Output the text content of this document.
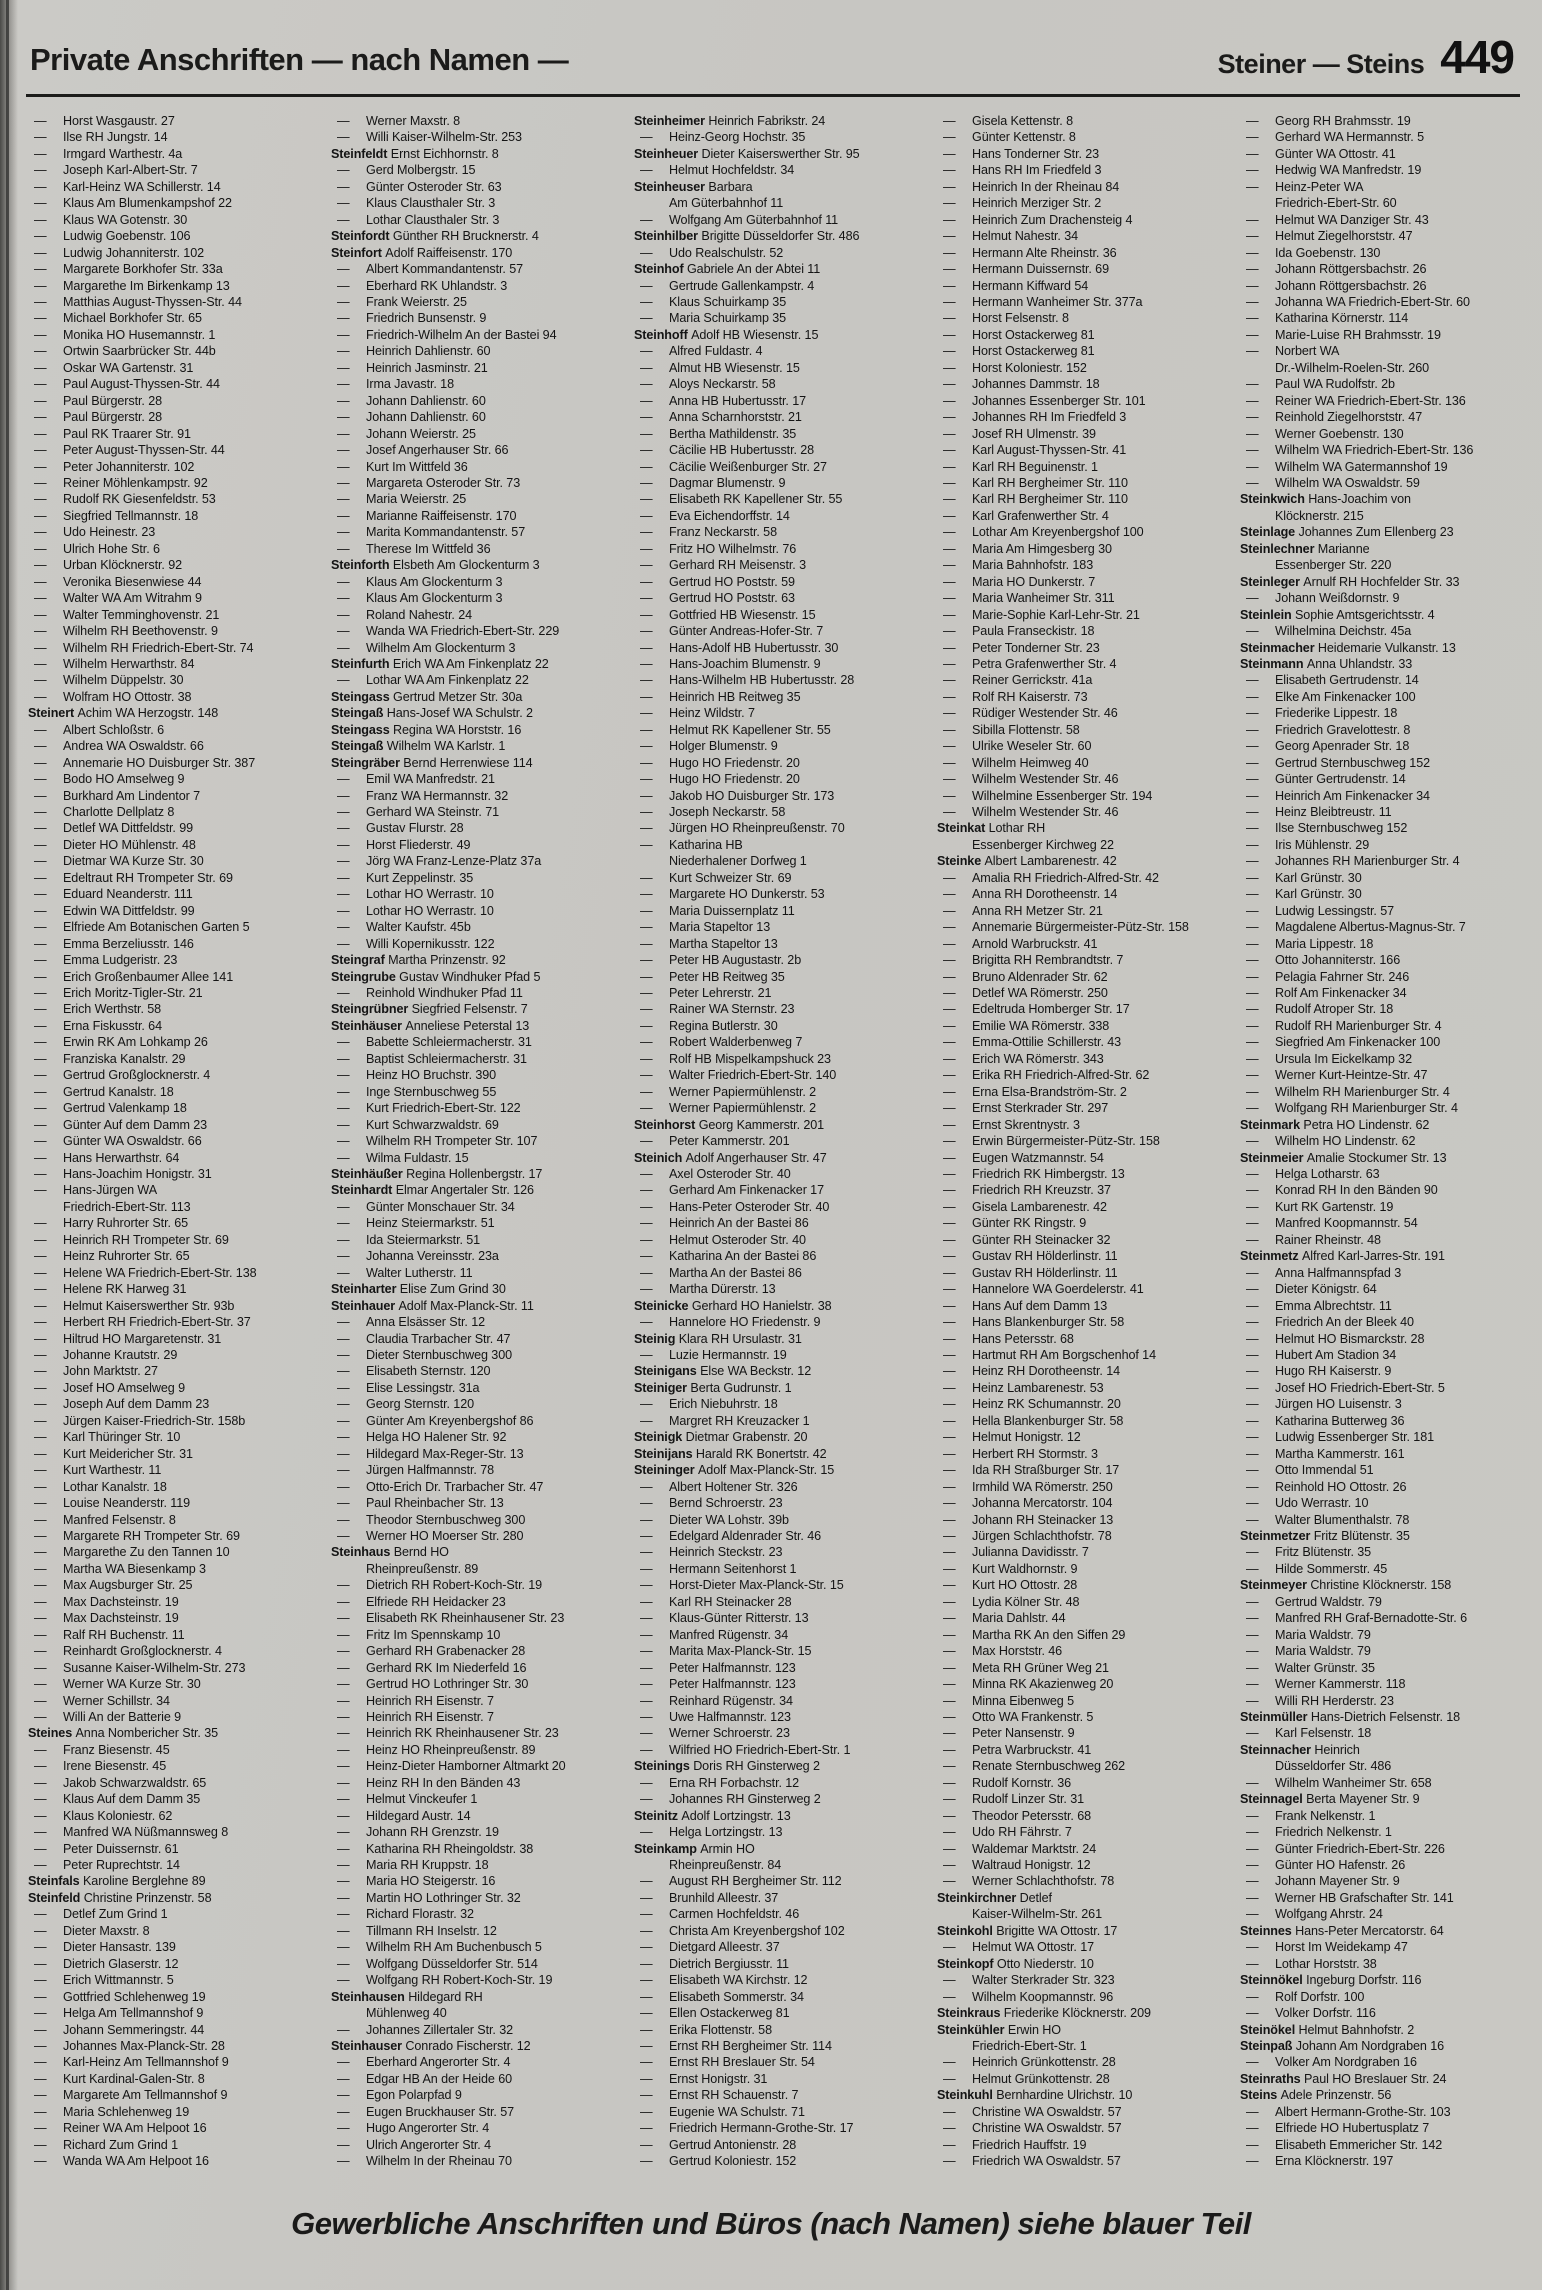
Private Anschriften — nach Namen —	Steiner — Steins 449
— Horst Wasgaustr. 27
— Ilse RH Jungstr. 14
— Irmgard Warthestr. 4a
— Joseph Karl-Albert-Str. 7
— Karl-Heinz WA Schillerstr. 14
— Klaus Am Blumenkampshof 22
— Klaus WA Gotenstr. 30
— Ludwig Goebenstr. 106
— Ludwig Johanniterstr. 102
— Margarete Borkhofer Str. 33a
— Margarethe Im Birkenkamp 13
— Matthias August-Thyssen-Str. 44
— Michael Borkhofer Str. 65
— Monika HO Husemannstr. 1
— Ortwin Saarbrücker Str. 44b
— Oskar WA Gartenstr. 31
— Paul August-Thyssen-Str. 44
— Paul Bürgerstr. 28
— Paul Bürgerstr. 28
— Paul RK Traarer Str. 91
— Peter August-Thyssen-Str. 44
— Peter Johanniterstr. 102
— Reiner Möhlenkampstr. 92
— Rudolf RK Giesenfeldstr. 53
— Siegfried Tellmannstr. 18
— Udo Heinestr. 23
— Ulrich Hohe Str. 6
— Urban Klöcknerstr. 92
— Veronika Biesenwiese 44
— Walter WA Am Witrahm 9
— Walter Temminghovenstr. 21
— Wilhelm RH Beethovenstr. 9
— Wilhelm RH Friedrich-Ebert-Str. 74
— Wilhelm Herwarthstr. 84
— Wilhelm Düppelstr. 30
— Wolfram HO Ottostr. 38
Steinert Achim WA Herzogstr. 148
— Albert Schloßstr. 6
— Andrea WA Oswaldstr. 66
— Annemarie HO Duisburger Str. 387
— Bodo HO Amselweg 9
— Burkhard Am Lindentor 7
— Charlotte Dellplatz 8
— Detlef WA Dittfeldstr. 99
— Dieter HO Mühlenstr. 48
— Dietmar WA Kurze Str. 30
— Edeltraut RH Trompeter Str. 69
— Eduard Neanderstr. 111
— Edwin WA Dittfeldstr. 99
— Elfriede Am Botanischen Garten 5
— Emma Berzeliusstr. 146
— Emma Ludgeristr. 23
— Erich Großenbaumer Allee 141
— Erich Moritz-Tigler-Str. 21
— Erich Werthstr. 58
— Erna Fiskusstr. 64
— Erwin RK Am Lohkamp 26
— Franziska Kanalstr. 29
— Gertrud Großglocknerstr. 4
— Gertrud Kanalstr. 18
— Gertrud Valenkamp 18
— Günter Auf dem Damm 23
— Günter WA Oswaldstr. 66
— Hans Herwarthstr. 64
— Hans-Joachim Honigstr. 31
— Hans-Jürgen WA
Friedrich-Ebert-Str. 113
— Harry Ruhrorter Str. 65
— Heinrich RH Trompeter Str. 69
— Heinz Ruhrorter Str. 65
— Helene WA Friedrich-Ebert-Str. 138
— Helene RK Harweg 31
— Helmut Kaiserswerther Str. 93b
— Herbert RH Friedrich-Ebert-Str. 37
— Hiltrud HO Margaretenstr. 31
— Johanne Krautstr. 29
— John Marktstr. 27
— Josef HO Amselweg 9
— Joseph Auf dem Damm 23
— Jürgen Kaiser-Friedrich-Str. 158b
— Karl Thüringer Str. 10
— Kurt Meidericher Str. 31
— Kurt Warthestr. 11
— Lothar Kanalstr. 18
— Louise Neanderstr. 119
— Manfred Felsenstr. 8
— Margarete RH Trompeter Str. 69
— Margarethe Zu den Tannen 10
— Martha WA Biesenkamp 3
— Max Augsburger Str. 25
— Max Dachsteinstr. 19
— Max Dachsteinstr. 19
— Ralf RH Buchenstr. 11
— Reinhardt Großglocknerstr. 4
— Susanne Kaiser-Wilhelm-Str. 273
— Werner WA Kurze Str. 30
— Werner Schillstr. 34
— Willi An der Batterie 9
Steines Anna Nombericher Str. 35
— Franz Biesenstr. 45
— Irene Biesenstr. 45
— Jakob Schwarzwaldstr. 65
— Klaus Auf dem Damm 35
— Klaus Koloniestr. 62
— Manfred WA Nüßmannsweg 8
— Peter Duissernstr. 61
— Peter Ruprechtstr. 14
Steinfals Karoline Berglehne 89
Steinfeld Christine Prinzenstr. 58
— Detlef Zum Grind 1
— Dieter Maxstr. 8
— Dieter Hansastr. 139
— Dietrich Glaserstr. 12
— Erich Wittmannstr. 5
— Gottfried Schlehenweg 19
— Helga Am Tellmannshof 9
— Johann Semmeringstr. 44
— Johannes Max-Planck-Str. 28
— Karl-Heinz Am Tellmannshof 9
— Kurt Kardinal-Galen-Str. 8
— Margarete Am Tellmannshof 9
— Maria Schlehenweg 19
— Reiner WA Am Helpoot 16
— Richard Zum Grind 1
— Wanda WA Am Helpoot 16
— Werner Maxstr. 8
— Willi Kaiser-Wilhelm-Str. 253
Steinfeldt Ernst Eichhornstr. 8
— Gerd Molbergstr. 15
— Günter Osteroder Str. 63
— Klaus Clausthaler Str. 3
— Lothar Clausthaler Str. 3
Steinfordt Günther RH Brucknerstr. 4
Steinfort Adolf Raiffeisenstr. 170
— Albert Kommandantenstr. 57
— Eberhard RK Uhlandstr. 3
— Frank Weierstr. 25
— Friedrich Bunsenstr. 9
— Friedrich-Wilhelm An der Bastei 94
— Heinrich Dahlienstr. 60
— Heinrich Jasminstr. 21
— Irma Javastr. 18
— Johann Dahlienstr. 60
— Johann Dahlienstr. 60
— Johann Weierstr. 25
— Josef Angerhauser Str. 66
— Kurt Im Wittfeld 36
— Margareta Osteroder Str. 73
— Maria Weierstr. 25
— Marianne Raiffeisenstr. 170
— Marita Kommandantenstr. 57
— Therese Im Wittfeld 36
Steinforth Elsbeth Am Glockenturm 3
— Klaus Am Glockenturm 3
— Klaus Am Glockenturm 3
— Roland Nahestr. 24
— Wanda WA Friedrich-Ebert-Str. 229
— Wilhelm Am Glockenturm 3
Steinfurth Erich WA Am Finkenplatz 22
— Lothar WA Am Finkenplatz 22
Steingass Gertrud Metzer Str. 30a
Steingaß Hans-Josef WA Schulstr. 2
Steingass Regina WA Horststr. 16
Steingaß Wilhelm WA Karlstr. 1
Steingräber Bernd Herrenwiese 114
— Emil WA Manfredstr. 21
— Franz WA Hermannstr. 32
— Gerhard WA Steinstr. 71
— Gustav Flurstr. 28
— Horst Fliederstr. 49
— Jörg WA Franz-Lenze-Platz 37a
— Kurt Zeppelinstr. 35
— Lothar HO Werrastr. 10
— Lothar HO Werrastr. 10
— Walter Kaufstr. 45b
— Willi Kopernikusstr. 122
Steingraf Martha Prinzenstr. 92
Steingrube Gustav Windhuker Pfad 5
— Reinhold Windhuker Pfad 11
Steingrübner Siegfried Felsenstr. 7
Steinhäuser Anneliese Peterstal 13
— Babette Schleiermacherstr. 31
— Baptist Schleiermacherstr. 31
— Heinz HO Bruchstr. 390
— Inge Sternbuschweg 55
— Kurt Friedrich-Ebert-Str. 122
— Kurt Schwarzwaldstr. 69
— Wilhelm RH Trompeter Str. 107
— Wilma Fuldastr. 15
Steinhäußer Regina Hollenbergstr. 17
Steinhardt Elmar Angertaler Str. 126
— Günter Monschauer Str. 34
— Heinz Steiermarkstr. 51
— Ida Steiermarkstr. 51
— Johanna Vereinsstr. 23a
— Walter Lutherstr. 11
Steinharter Elise Zum Grind 30
Steinhauer Adolf Max-Planck-Str. 11
— Anna Elsässer Str. 12
— Claudia Trarbacher Str. 47
— Dieter Sternbuschweg 300
— Elisabeth Sternstr. 120
— Elise Lessingstr. 31a
— Georg Sternstr. 120
— Günter Am Kreyenbergshof 86
— Helga HO Halener Str. 92
— Hildegard Max-Reger-Str. 13
— Jürgen Halfmannstr. 78
— Otto-Erich Dr. Trarbacher Str. 47
— Paul Rheinbacher Str. 13
— Theodor Sternbuschweg 300
— Werner HO Moerser Str. 280
Steinhaus Bernd HO
Rheinpreußenstr. 89
— Dietrich RH Robert-Koch-Str. 19
— Elfriede RH Heidacker 23
— Elisabeth RK Rheinhausener Str. 23
— Fritz Im Spennskamp 10
— Gerhard RH Grabenacker 28
— Gerhard RK Im Niederfeld 16
— Gertrud HO Lothringer Str. 30
— Heinrich RH Eisenstr. 7
— Heinrich RH Eisenstr. 7
— Heinrich RK Rheinhausener Str. 23
— Heinz HO Rheinpreußenstr. 89
— Heinz-Dieter Hamborner Altmarkt 20
— Heinz RH In den Bänden 43
— Helmut Vinckeufer 1
— Hildegard Austr. 14
— Johann RH Grenzstr. 19
— Katharina RH Rheingoldstr. 38
— Maria RH Kruppstr. 18
— Maria HO Steigerstr. 16
— Martin HO Lothringer Str. 32
— Richard Florastr. 32
— Tillmann RH Inselstr. 12
— Wilhelm RH Am Buchenbusch 5
— Wolfgang Düsseldorfer Str. 514
— Wolfgang RH Robert-Koch-Str. 19
Steinhausen Hildegard RH
Mühlenweg 40
— Johannes Zillertaler Str. 32
Steinhauser Conrado Fischerstr. 12
— Eberhard Angerorter Str. 4
— Edgar HB An der Heide 60
— Egon Polarpfad 9
— Eugen Bruckhauser Str. 57
— Hugo Angerorter Str. 4
— Ulrich Angerorter Str. 4
— Wilhelm In der Rheinau 70
Steinheimer Heinrich Fabrikstr. 24
— Heinz-Georg Hochstr. 35
Steinheuer Dieter Kaiserswerther Str. 95
— Helmut Hochfeldstr. 34
Steinheuser Barbara
Am Güterbahnhof 11
— Wolfgang Am Güterbahnhof 11
Steinhilber Brigitte Düsseldorfer Str. 486
— Udo Realschulstr. 52
Steinhof Gabriele An der Abtei 11
— Gertrude Gallenkampstr. 4
— Klaus Schuirkamp 35
— Maria Schuirkamp 35
Steinhoff Adolf HB Wiesenstr. 15
— Alfred Fuldastr. 4
— Almut HB Wiesenstr. 15
— Aloys Neckarstr. 58
— Anna HB Hubertusstr. 17
— Anna Scharnhorststr. 21
— Bertha Mathildenstr. 35
— Cäcilie HB Hubertusstr. 28
— Cäcilie Weißenburger Str. 27
— Dagmar Blumenstr. 9
— Elisabeth RK Kapellener Str. 55
— Eva Eichendorffstr. 14
— Franz Neckarstr. 58
— Fritz HO Wilhelmstr. 76
— Gerhard RH Meisenstr. 3
— Gertrud HO Poststr. 59
— Gertrud HO Poststr. 63
— Gottfried HB Wiesenstr. 15
— Günter Andreas-Hofer-Str. 7
— Hans-Adolf HB Hubertusstr. 30
— Hans-Joachim Blumenstr. 9
— Hans-Wilhelm HB Hubertusstr. 28
— Heinrich HB Reitweg 35
— Heinz Wildstr. 7
— Helmut RK Kapellener Str. 55
— Holger Blumenstr. 9
— Hugo HO Friedenstr. 20
— Hugo HO Friedenstr. 20
— Jakob HO Duisburger Str. 173
— Joseph Neckarstr. 58
— Jürgen HO Rheinpreußenstr. 70
— Katharina HB
Niederhalener Dorfweg 1
— Kurt Schweizer Str. 69
— Margarete HO Dunkerstr. 53
— Maria Duissernplatz 11
— Maria Stapeltor 13
— Martha Stapeltor 13
— Peter HB Augustastr. 2b
— Peter HB Reitweg 35
— Peter Lehrerstr. 21
— Rainer WA Sternstr. 23
— Regina Butlerstr. 30
— Robert Walderbenweg 7
— Rolf HB Mispelkampshuck 23
— Walter Friedrich-Ebert-Str. 140
— Werner Papiermühlenstr. 2
— Werner Papiermühlenstr. 2
Steinhorst Georg Kammerstr. 201
— Peter Kammerstr. 201
Steinich Adolf Angerhauser Str. 47
— Axel Osteroder Str. 40
— Gerhard Am Finkenacker 17
— Hans-Peter Osteroder Str. 40
— Heinrich An der Bastei 86
— Helmut Osteroder Str. 40
— Katharina An der Bastei 86
— Martha An der Bastei 86
— Martha Dürerstr. 13
Steinicke Gerhard HO Hanielstr. 38
— Hannelore HO Friedenstr. 9
Steinig Klara RH Ursulastr. 31
— Luzie Hermannstr. 19
Steinigans Else WA Beckstr. 12
Steiniger Berta Gudrunstr. 1
— Erich Niebuhrstr. 18
— Margret RH Kreuzacker 1
Steinigk Dietmar Grabenstr. 20
Steinijans Harald RK Bonertstr. 42
Steininger Adolf Max-Planck-Str. 15
— Albert Holtener Str. 326
— Bernd Schroerstr. 23
— Dieter WA Lohstr. 39b
— Edelgard Aldenrader Str. 46
— Heinrich Steckstr. 23
— Hermann Seitenhorst 1
— Horst-Dieter Max-Planck-Str. 15
— Karl RH Steinacker 28
— Klaus-Günter Ritterstr. 13
— Manfred Rügenstr. 34
— Marita Max-Planck-Str. 15
— Peter Halfmannstr. 123
— Peter Halfmannstr. 123
— Reinhard Rügenstr. 34
— Uwe Halfmannstr. 123
— Werner Schroerstr. 23
— Wilfried HO Friedrich-Ebert-Str. 1
Steinings Doris RH Ginsterweg 2
— Erna RH Forbachstr. 12
— Johannes RH Ginsterweg 2
Steinitz Adolf Lortzingstr. 13
— Helga Lortzingstr. 13
Steinkamp Armin HO
Rheinpreußenstr. 84
— August RH Bergheimer Str. 112
— Brunhild Alleestr. 37
— Carmen Hochfeldstr. 46
— Christa Am Kreyenbergshof 102
— Dietgard Alleestr. 37
— Dietrich Bergiusstr. 11
— Elisabeth WA Kirchstr. 12
— Elisabeth Sommerstr. 34
— Ellen Ostackerweg 81
— Erika Flottenstr. 58
— Ernst RH Bergheimer Str. 114
— Ernst RH Breslauer Str. 54
— Ernst Honigstr. 31
— Ernst RH Schauenstr. 7
— Eugenie WA Schulstr. 71
— Friedrich Hermann-Grothe-Str. 17
— Gertrud Antonienstr. 28
— Gertrud Koloniestr. 152
— Gisela Kettenstr. 8
— Günter Kettenstr. 8
— Hans Tonderner Str. 23
— Hans RH Im Friedfeld 3
— Heinrich In der Rheinau 84
— Heinrich Merziger Str. 2
— Heinrich Zum Drachensteig 4
— Helmut Nahestr. 34
— Hermann Alte Rheinstr. 36
— Hermann Duissernstr. 69
— Hermann Kiffward 54
— Hermann Wanheimer Str. 377a
— Horst Felsenstr. 8
— Horst Ostackerweg 81
— Horst Ostackerweg 81
— Horst Koloniestr. 152
— Johannes Dammstr. 18
— Johannes Essenberger Str. 101
— Johannes RH Im Friedfeld 3
— Josef RH Ulmenstr. 39
— Karl August-Thyssen-Str. 41
— Karl RH Beguinenstr. 1
— Karl RH Bergheimer Str. 110
— Karl RH Bergheimer Str. 110
— Karl Grafenwerther Str. 4
— Lothar Am Kreyenbergshof 100
— Maria Am Himgesberg 30
— Maria Bahnhofstr. 183
— Maria HO Dunkerstr. 7
— Maria Wanheimer Str. 311
— Marie-Sophie Karl-Lehr-Str. 21
— Paula Franseckistr. 18
— Peter Tonderner Str. 23
— Petra Grafenwerther Str. 4
— Reiner Gerrickstr. 41a
— Rolf RH Kaiserstr. 73
— Rüdiger Westender Str. 46
— Sibilla Flottenstr. 58
— Ulrike Weseler Str. 60
— Wilhelm Heimweg 40
— Wilhelm Westender Str. 46
— Wilhelmine Essenberger Str. 194
— Wilhelm Westender Str. 46
Steinkat Lothar RH
Essenberger Kirchweg 22
Steinke Albert Lambarenestr. 42
— Amalia RH Friedrich-Alfred-Str. 42
— Anna RH Dorotheenstr. 14
— Anna RH Metzer Str. 21
— Annemarie Bürgermeister-Pütz-Str. 158
— Arnold Warbruckstr. 41
— Brigitta RH Rembrandtstr. 7
— Bruno Aldenrader Str. 62
— Detlef WA Römerstr. 250
— Edeltruda Homberger Str. 17
— Emilie WA Römerstr. 338
— Emma-Ottilie Schillerstr. 43
— Erich WA Römerstr. 343
— Erika RH Friedrich-Alfred-Str. 62
— Erna Elsa-Brandström-Str. 2
— Ernst Sterkrader Str. 297
— Ernst Skrentnystr. 3
— Erwin Bürgermeister-Pütz-Str. 158
— Eugen Watzmannstr. 54
— Friedrich RK Himbergstr. 13
— Friedrich RH Kreuzstr. 37
— Gisela Lambarenestr. 42
— Günter RK Ringstr. 9
— Günter RH Steinacker 32
— Gustav RH Hölderlinstr. 11
— Gustav RH Hölderlinstr. 11
— Hannelore WA Goerdelerstr. 41
— Hans Auf dem Damm 13
— Hans Blankenburger Str. 58
— Hans Petersstr. 68
— Hartmut RH Am Borgschenhof 14
— Heinz RH Dorotheenstr. 14
— Heinz Lambarenestr. 53
— Heinz RK Schumannstr. 20
— Hella Blankenburger Str. 58
— Helmut Honigstr. 12
— Herbert RH Stormstr. 3
— Ida RH Straßburger Str. 17
— Irmhild WA Römerstr. 250
— Johanna Mercatorstr. 104
— Johann RH Steinacker 13
— Jürgen Schlachthofstr. 78
— Julianna Davidisstr. 7
— Kurt Waldhornstr. 9
— Kurt HO Ottostr. 28
— Lydia Kölner Str. 48
— Maria Dahlstr. 44
— Martha RK An den Siffen 29
— Max Horststr. 46
— Meta RH Grüner Weg 21
— Minna RK Akazienweg 20
— Minna Eibenweg 5
— Otto WA Frankenstr. 5
— Peter Nansenstr. 9
— Petra Warbruckstr. 41
— Renate Sternbuschweg 262
— Rudolf Kornstr. 36
— Rudolf Linzer Str. 31
— Theodor Petersstr. 68
— Udo RH Fährstr. 7
— Waldemar Marktstr. 24
— Waltraud Honigstr. 12
— Werner Schlachthofstr. 78
Steinkirchner Detlef
Kaiser-Wilhelm-Str. 261
Steinkohl Brigitte WA Ottostr. 17
— Helmut WA Ottostr. 17
Steinkopf Otto Niederstr. 10
— Walter Sterkrader Str. 323
— Wilhelm Koopmannstr. 96
Steinkraus Friederike Klöcknerstr. 209
Steinkühler Erwin HO
Friedrich-Ebert-Str. 1
— Heinrich Grünkottenstr. 28
— Helmut Grünkottenstr. 28
Steinkuhl Bernhardine Ulrichstr. 10
— Christine WA Oswaldstr. 57
— Christine WA Oswaldstr. 57
— Friedrich Hauffstr. 19
— Friedrich WA Oswaldstr. 57
— Georg RH Brahmsstr. 19
— Gerhard WA Hermannstr. 5
— Günter WA Ottostr. 41
— Hedwig WA Manfredstr. 19
— Heinz-Peter WA
Friedrich-Ebert-Str. 60
— Helmut WA Danziger Str. 43
— Helmut Ziegelhorststr. 47
— Ida Goebenstr. 130
— Johann Röttgersbachstr. 26
— Johann Röttgersbachstr. 26
— Johanna WA Friedrich-Ebert-Str. 60
— Katharina Körnerstr. 114
— Marie-Luise RH Brahmsstr. 19
— Norbert WA
Dr.-Wilhelm-Roelen-Str. 260
— Paul WA Rudolfstr. 2b
— Reiner WA Friedrich-Ebert-Str. 136
— Reinhold Ziegelhorststr. 47
— Werner Goebenstr. 130
— Wilhelm WA Friedrich-Ebert-Str. 136
— Wilhelm WA Gatermannshof 19
— Wilhelm WA Oswaldstr. 59
Steinkwich Hans-Joachim von
Klöcknerstr. 215
Steinlage Johannes Zum Ellenberg 23
Steinlechner Marianne
Essenberger Str. 220
Steinleger Arnulf RH Hochfelder Str. 33
— Johann Weißdornstr. 9
Steinlein Sophie Amtsgerichtsstr. 4
— Wilhelmina Deichstr. 45a
Steinmacher Heidemarie Vulkanstr. 13
Steinmann Anna Uhlandstr. 33
— Elisabeth Gertrudenstr. 14
— Elke Am Finkenacker 100
— Friederike Lippestr. 18
— Friedrich Gravelottestr. 8
— Georg Apenrader Str. 18
— Gertrud Sternbuschweg 152
— Günter Gertrudenstr. 14
— Heinrich Am Finkenacker 34
— Heinz Bleibtreustr. 11
— Ilse Sternbuschweg 152
— Iris Mühlenstr. 29
— Johannes RH Marienburger Str. 4
— Karl Grünstr. 30
— Karl Grünstr. 30
— Ludwig Lessingstr. 57
— Magdalene Albertus-Magnus-Str. 7
— Maria Lippestr. 18
— Otto Johanniterstr. 166
— Pelagia Fahrner Str. 246
— Rolf Am Finkenacker 34
— Rudolf Atroper Str. 18
— Rudolf RH Marienburger Str. 4
— Siegfried Am Finkenacker 100
— Ursula Im Eickelkamp 32
— Werner Kurt-Heintze-Str. 47
— Wilhelm RH Marienburger Str. 4
— Wolfgang RH Marienburger Str. 4
Steinmark Petra HO Lindenstr. 62
— Wilhelm HO Lindenstr. 62
Steinmeier Amalie Stockumer Str. 13
— Helga Lotharstr. 63
— Konrad RH In den Bänden 90
— Kurt RK Gartenstr. 19
— Manfred Koopmannstr. 54
— Rainer Rheinstr. 48
Steinmetz Alfred Karl-Jarres-Str. 191
— Anna Halfmannspfad 3
— Dieter Königstr. 64
— Emma Albrechtstr. 11
— Friedrich An der Bleek 40
— Helmut HO Bismarckstr. 28
— Hubert Am Stadion 34
— Hugo RH Kaiserstr. 9
— Josef HO Friedrich-Ebert-Str. 5
— Jürgen HO Luisenstr. 3
— Katharina Butterweg 36
— Ludwig Essenberger Str. 181
— Martha Kammerstr. 161
— Otto Immendal 51
— Reinhold HO Ottostr. 26
— Udo Werrastr. 10
— Walter Blumenthalstr. 78
Steinmetzer Fritz Blütenstr. 35
— Fritz Blütenstr. 35
— Hilde Sommerstr. 45
Steinmeyer Christine Klöcknerstr. 158
— Gertrud Waldstr. 79
— Manfred RH Graf-Bernadotte-Str. 6
— Maria Waldstr. 79
— Maria Waldstr. 79
— Walter Grünstr. 35
— Werner Kammerstr. 118
— Willi RH Herderstr. 23
Steinmüller Hans-Dietrich Felsenstr. 18
— Karl Felsenstr. 18
Steinnacher Heinrich
Düsseldorfer Str. 486
— Wilhelm Wanheimer Str. 658
Steinnagel Berta Mayener Str. 9
— Frank Nelkenstr. 1
— Friedrich Nelkenstr. 1
— Günter Friedrich-Ebert-Str. 226
— Günter HO Hafenstr. 26
— Johann Mayener Str. 9
— Werner HB Grafschafter Str. 141
— Wolfgang Ahrstr. 24
Steinnes Hans-Peter Mercatorstr. 64
— Horst Im Weidekamp 47
— Lothar Horststr. 38
Steinnökel Ingeburg Dorfstr. 116
— Rolf Dorfstr. 100
— Volker Dorfstr. 116
Steinökel Helmut Bahnhofstr. 2
Steinpaß Johann Am Nordgraben 16
— Volker Am Nordgraben 16
Steinraths Paul HO Breslauer Str. 24
Steins Adele Prinzenstr. 56
— Albert Hermann-Grothe-Str. 103
— Elfriede HO Hubertusplatz 7
— Elisabeth Emmericher Str. 142
— Erna Klöcknerstr. 197
Gewerbliche Anschriften und Büros (nach Namen) siehe blauer Teil
